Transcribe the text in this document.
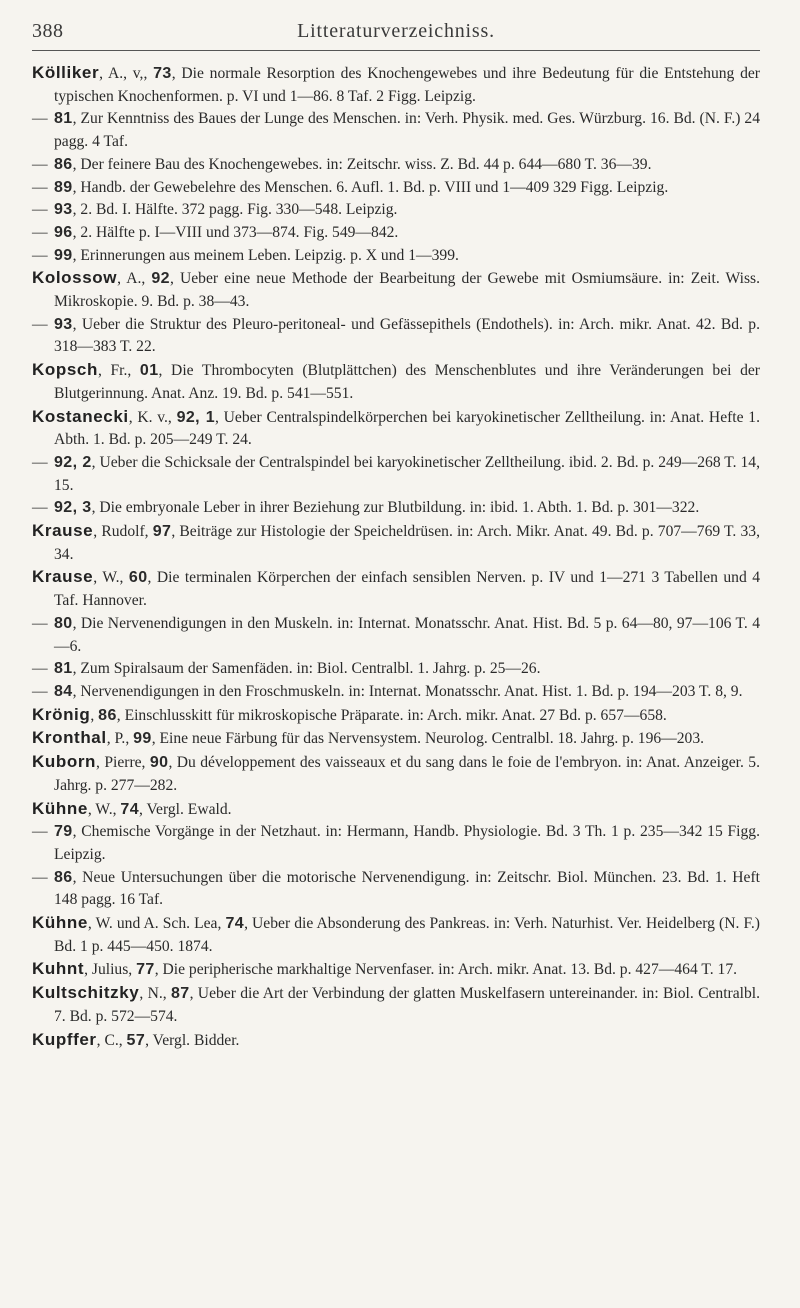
388	Litteraturverzeichniss.

Kölliker, A., v,, 73, Die normale Resorption des Knochengewebes und ihre Bedeutung für die Entstehung der typischen Knochenformen. p. VI und 1—86. 8 Taf. 2 Figg. Leipzig.

— 81, Zur Kenntniss des Baues der Lunge des Menschen. in: Verh. Physik. med. Ges. Würzburg. 16. Bd. (N. F.) 24 pagg. 4 Taf.

— 86, Der feinere Bau des Knochengewebes. in: Zeitschr. wiss. Z. Bd. 44 p. 644—680 T. 36—39.

— 89, Handb. der Gewebelehre des Menschen. 6. Aufl. 1. Bd. p. VIII und 1—409 329 Figg. Leipzig.

— 93, 2. Bd. I. Hälfte. 372 pagg. Fig. 330—548. Leipzig.

— 96, 2. Hälfte p. I—VIII und 373—874. Fig. 549—842.

— 99, Erinnerungen aus meinem Leben. Leipzig. p. X und 1—399.

Kolossow, A., 92, Ueber eine neue Methode der Bearbeitung der Gewebe mit Osmiumsäure. in: Zeit. Wiss. Mikroskopie. 9. Bd. p. 38—43.

— 93, Ueber die Struktur des Pleuro-peritoneal- und Gefässepithels (Endothels). in: Arch. mikr. Anat. 42. Bd. p. 318—383 T. 22.

Kopsch, Fr., 01, Die Thrombocyten (Blutplättchen) des Menschenblutes und ihre Veränderungen bei der Blutgerinnung. Anat. Anz. 19. Bd. p. 541—551.

Kostanecki, K. v., 92, 1, Ueber Centralspindelkörperchen bei karyokinetischer Zelltheilung. in: Anat. Hefte 1. Abth. 1. Bd. p. 205—249 T. 24.

— 92, 2, Ueber die Schicksale der Centralspindel bei karyokinetischer Zelltheilung. ibid. 2. Bd. p. 249—268 T. 14, 15.

— 92, 3, Die embryonale Leber in ihrer Beziehung zur Blutbildung. in: ibid. 1. Abth. 1. Bd. p. 301—322.

Krause, Rudolf, 97, Beiträge zur Histologie der Speicheldrüsen. in: Arch. Mikr. Anat. 49. Bd. p. 707—769 T. 33, 34.

Krause, W., 60, Die terminalen Körperchen der einfach sensiblen Nerven. p. IV und 1—271 3 Tabellen und 4 Taf. Hannover.

— 80, Die Nervenendigungen in den Muskeln. in: Internat. Monatsschr. Anat. Hist. Bd. 5 p. 64—80, 97—106 T. 4—6.

— 81, Zum Spiralsaum der Samenfäden. in: Biol. Centralbl. 1. Jahrg. p. 25—26.

— 84, Nervenendigungen in den Froschmuskeln. in: Internat. Monatsschr. Anat. Hist. 1. Bd. p. 194—203 T. 8, 9.

Krönig, 86, Einschlusskitt für mikroskopische Präparate. in: Arch. mikr. Anat. 27 Bd. p. 657—658.

Kronthal, P., 99, Eine neue Färbung für das Nervensystem. Neurolog. Centralbl. 18. Jahrg. p. 196—203.

Kuborn, Pierre, 90, Du développement des vaisseaux et du sang dans le foie de l'embryon. in: Anat. Anzeiger. 5. Jahrg. p. 277—282.

Kühne, W., 74, Vergl. Ewald.

— 79, Chemische Vorgänge in der Netzhaut. in: Hermann, Handb. Physiologie. Bd. 3 Th. 1 p. 235—342 15 Figg. Leipzig.

— 86, Neue Untersuchungen über die motorische Nervenendigung. in: Zeitschr. Biol. München. 23. Bd. 1. Heft 148 pagg. 16 Taf.

Kühne, W. und A. Sch. Lea, 74, Ueber die Absonderung des Pankreas. in: Verh. Naturhist. Ver. Heidelberg (N. F.) Bd. 1 p. 445—450. 1874.

Kuhnt, Julius, 77, Die peripherische markhaltige Nervenfaser. in: Arch. mikr. Anat. 13. Bd. p. 427—464 T. 17.

Kultschitzky, N., 87, Ueber die Art der Verbindung der glatten Muskelfasern untereinander. in: Biol. Centralbl. 7. Bd. p. 572—574.

Kupffer, C., 57, Vergl. Bidder.
